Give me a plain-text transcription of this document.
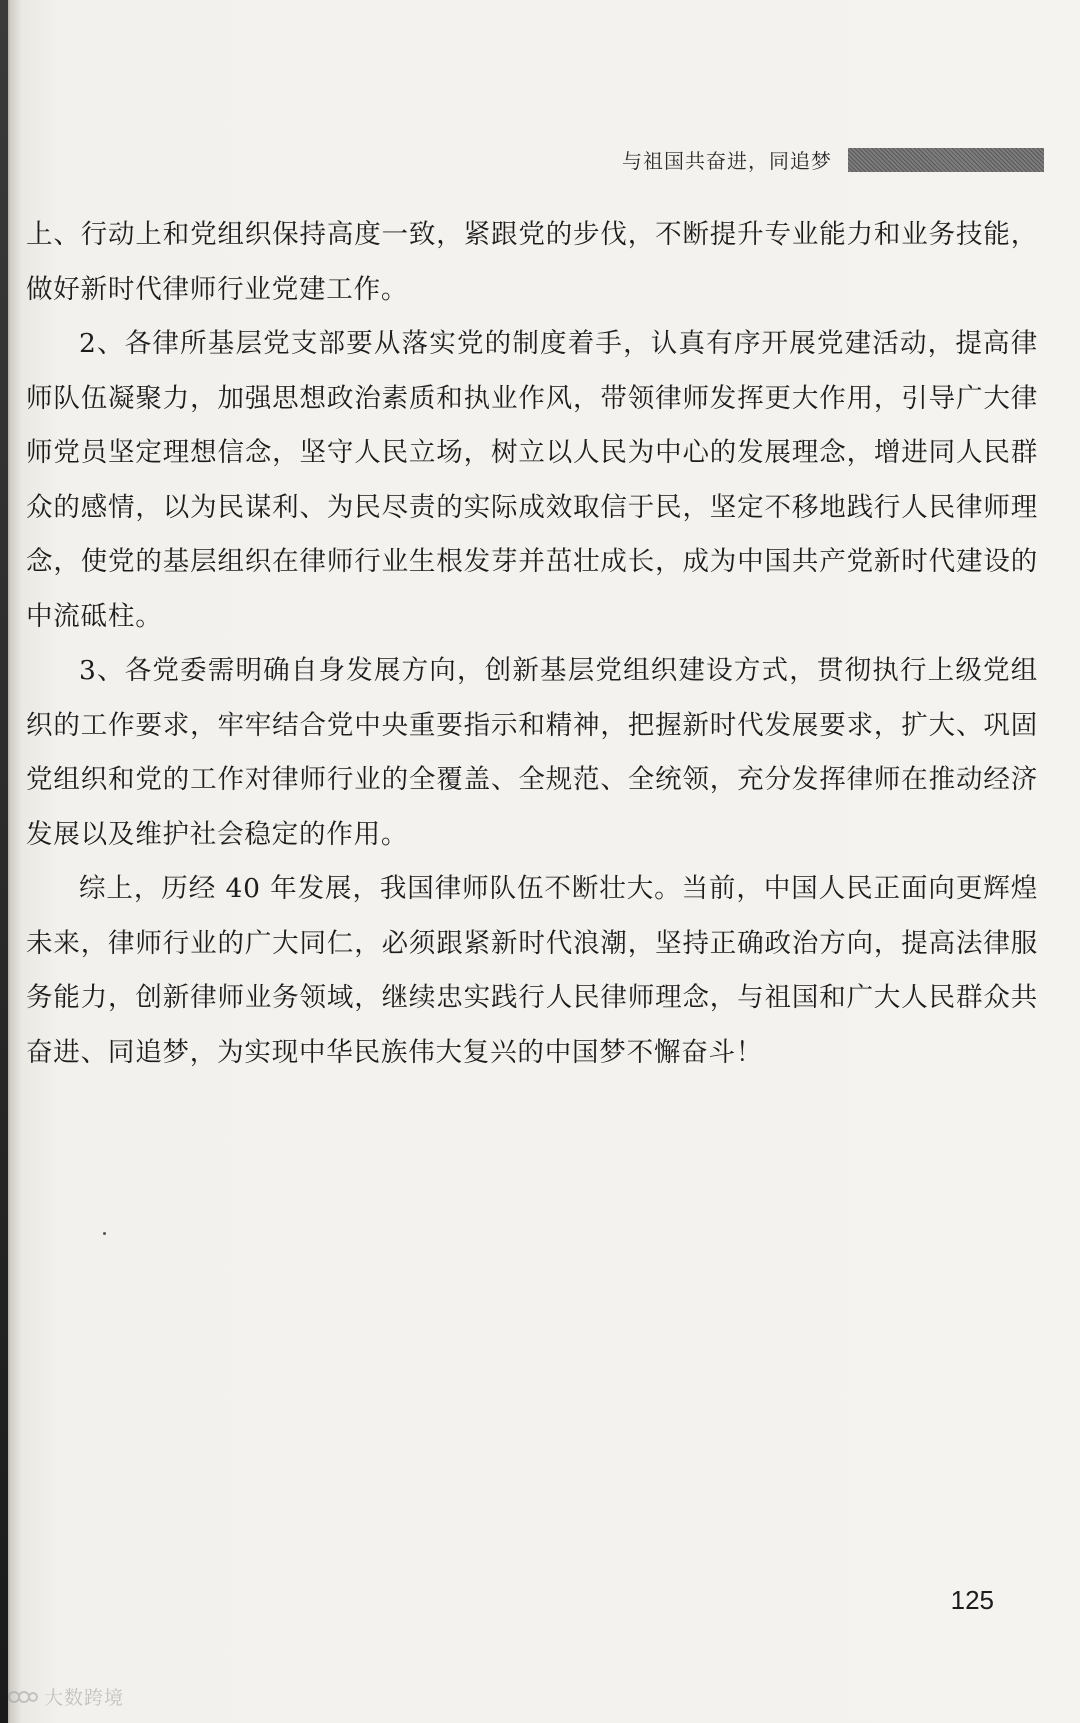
与祖国共奋进，同追梦

上、行动上和党组织保持高度一致，紧跟党的步伐，不断提升专业能力和业务技能，做好新时代律师行业党建工作。

2、各律所基层党支部要从落实党的制度着手，认真有序开展党建活动，提高律师队伍凝聚力，加强思想政治素质和执业作风，带领律师发挥更大作用，引导广大律师党员坚定理想信念，坚守人民立场，树立以人民为中心的发展理念，增进同人民群众的感情，以为民谋利、为民尽责的实际成效取信于民，坚定不移地践行人民律师理念，使党的基层组织在律师行业生根发芽并茁壮成长，成为中国共产党新时代建设的中流砥柱。

3、各党委需明确自身发展方向，创新基层党组织建设方式，贯彻执行上级党组织的工作要求，牢牢结合党中央重要指示和精神，把握新时代发展要求，扩大、巩固党组织和党的工作对律师行业的全覆盖、全规范、全统领，充分发挥律师在推动经济发展以及维护社会稳定的作用。

综上，历经 40 年发展，我国律师队伍不断壮大。当前，中国人民正面向更辉煌未来，律师行业的广大同仁，必须跟紧新时代浪潮，坚持正确政治方向，提高法律服务能力，创新律师业务领域，继续忠实践行人民律师理念，与祖国和广大人民群众共奋进、同追梦，为实现中华民族伟大复兴的中国梦不懈奋斗！

125
大数跨境
